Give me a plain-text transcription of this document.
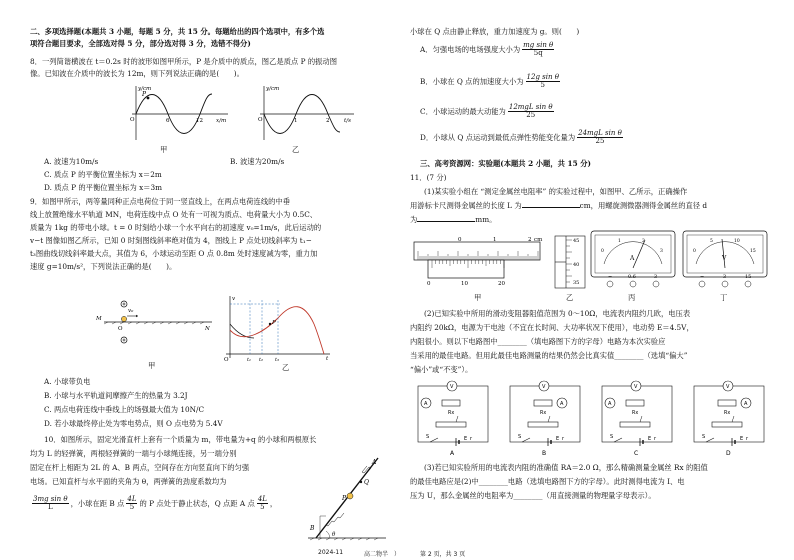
二、多项选择题(本题共 3 小题，每题 5 分，共 15 分。每题给出的四个选项中，有多个选
项符合题目要求，全部选对得 5 分，部分选对得 3 分，选错不得分)
8．一列简谐横波在 t＝0.2s 时的波形如图甲所示，P 是介质中的质点，图乙是质点 P 的振动图
像。已知波在介质中的波长为 12m，则下列说法正确的是(　　)。
P
y/cm
x/m
O	6	12
甲
y/cm
t/s
O	1	2
乙
A. 波速为10m/s	B. 波速为20m/s
C. 质点 P 的平衡位置坐标为 x＝2m
D. 质点 P 的平衡位置坐标为 x＝3m
9．如图甲所示，两等量同种正点电荷位于同一竖直线上，在两点电荷连线的中垂
线上放置绝缘水平轨道 MN，电荷连线中点 O 处有一可视为质点、电荷量大小为 0.5C、
质量为 1kg 的带电小球。t = 0 时刻给小球一个水平向右的初速度 v₀=1m/s，此后运动的
v−t 图像如图乙所示，已知 0 时刻图线斜率绝对值为 4，图线上 P 点处切线斜率为 t₁−
t₃图曲线切线斜率最大点，其值为 6，小球运动至距 O 点 0.8m 处时速度减为零，重力加
速度 g=10m/s²，下列说法正确的是(　　)。
v₀
M
N
O
甲
P
v
t
O	t₁ t₂ t₃
乙
A. 小球带负电
B. 小球与水平轨道间摩擦产生的热量为 3.2J
C. 两点电荷连线中垂线上的场强最大值为 10N/C
D. 若小球最终停止处为零电势点，则 O 点电势为 5.4V
10．如图所示，固定光滑直杆上套有一个质量为 m，带电量为+q 的小球和两根原长
均为 L 的轻弹簧，两根轻弹簧的一端与小球绳连接，另一端分别
固定在杆上相距为 2L 的 A、B 两点，空间存在方向竖直向下的匀强
电场。已知直杆与水平面的夹角为 θ，两弹簧的劲度系数均为
$\frac{\text{3mg sin θ}}{L}$ ，小球在距 B 点 $\frac{4L}{5}$ 的 P 点处于静止状态，Q 点距 A 点 $\frac{4L}{5}$ ，
A
B
P
Q
θ
小球在 Q 点由静止释放，重力加速度为 g。则(　　)
A．匀强电场的电场强度大小为 $\frac{\text{mg sin θ}}{5q}$
B．小球在 Q 点的加速度大小为 $\frac{\text{12g sin θ}}{5}$
C．小球运动的最大动能为 $\frac{\text{12mgL sin θ}}{25}$
D．小球从 Q 点运动到最低点弹性势能变化量为 $\frac{\text{24mgL sin θ}}{25}$
三、高考资源网：实验题(本题共 2 小题，共 15 分)
11．(7 分)
(1)某实验小组在 “测定金属丝电阻率” 的实验过程中，如图甲、乙所示，正确操作
用游标卡尺测得金属丝的长度 L 为	cm，用螺旋测微器测得金属丝的直径 d
为	mm。
0	1	2 cm
0	10	20
甲
45
40
35
乙
A
0
1	2
3
−	0.6	3
丙
V
0
5	10
15
−	3	15
丁
(2)已知实验中所用的滑动变阻器阻值范围为 0～10Ω，电流表内阻约几欧，电压表
内阻约 20kΩ，电源为干电池（不宜在长时间、大功率状况下使用），电动势 E＝4.5V，
内阻很小。则以下电路图中________（填电路图下方的字母）电路为本次实验应
当采用的最佳电路。但用此最佳电路测量的结果仍然会比真实值________（选填“偏大”
“偏小”或“不变”）。
Rx
A
V
S	E r
A
Rx
A
V
S	E r
B
Rx
A
V
S	E r
C
Rx
A
V
S	E r
D
(3)若已知实验所用的电流表内阻的准确值 RA＝2.0 Ω，那么精确测量金属丝 Rx 的阻值
的最佳电路应是(2)中________电路（选填电路图下方的字母）。此时测得电流为 I、电
压为 U，那么金属丝的电阻率为________（用直接测量的物理量字母表示）。
2024-11	高二物半　）	第 2 页，共 3 页
